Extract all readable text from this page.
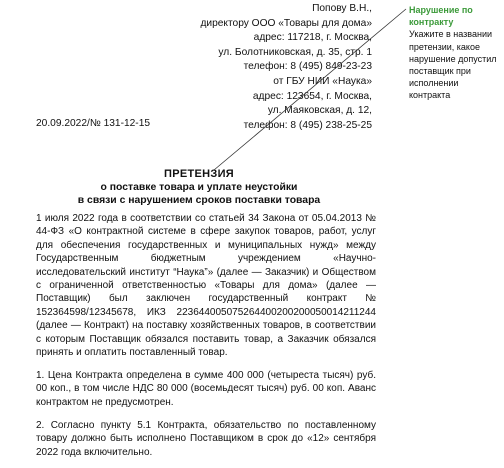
Попову В.Н.,
директору ООО «Товары для дома»
адрес: 117218, г. Москва,
ул. Болотниковская, д. 35, стр. 1
телефон: 8 (495) 849-23-23
от ГБУ НИИ «Наука»
адрес: 123654, г. Москва,
ул. Маяковская, д. 12,
телефон: 8 (495) 238-25-25
20.09.2022/№ 131-12-15
ПРЕТЕНЗИЯ
о поставке товара и уплате неустойки
в связи с нарушением сроков поставки товара

1 июля 2022 года в соответствии со статьей 34 Закона от 05.04.2013 № 44-ФЗ «О контрактной системе в сфере закупок товаров, работ, услуг для обеспечения государственных и муниципальных нужд» между Государственным бюджетным учреждением «Научно-исследовательский институт “Наука”» (далее — Заказчик) и Обществом с ограниченной ответственностью «Товары для дома» (далее — Поставщик) был заключен государственный контракт № 152364598/12345678, ИКЗ 223644005075264400200200050014211244 (далее — Контракт) на поставку хозяйственных товаров, в соответствии с которым Поставщик обязался поставить товар, а Заказчик обязался принять и оплатить поставленный товар.

1. Цена Контракта определена в сумме 400 000 (четыреста тысяч) руб. 00 коп., в том числе НДС 80 000 (восемьдесят тысяч) руб. 00 коп. Аванс контрактом не предусмотрен.

2. Согласно пункту 5.1 Контракта, обязательство по поставленному товару должно быть исполнено Поставщиком в срок до «12» сентября 2022 года включительно.

Нарушение по контракту
Укажите в названии претензии, какое нарушение допустил поставщик при исполнении контракта
